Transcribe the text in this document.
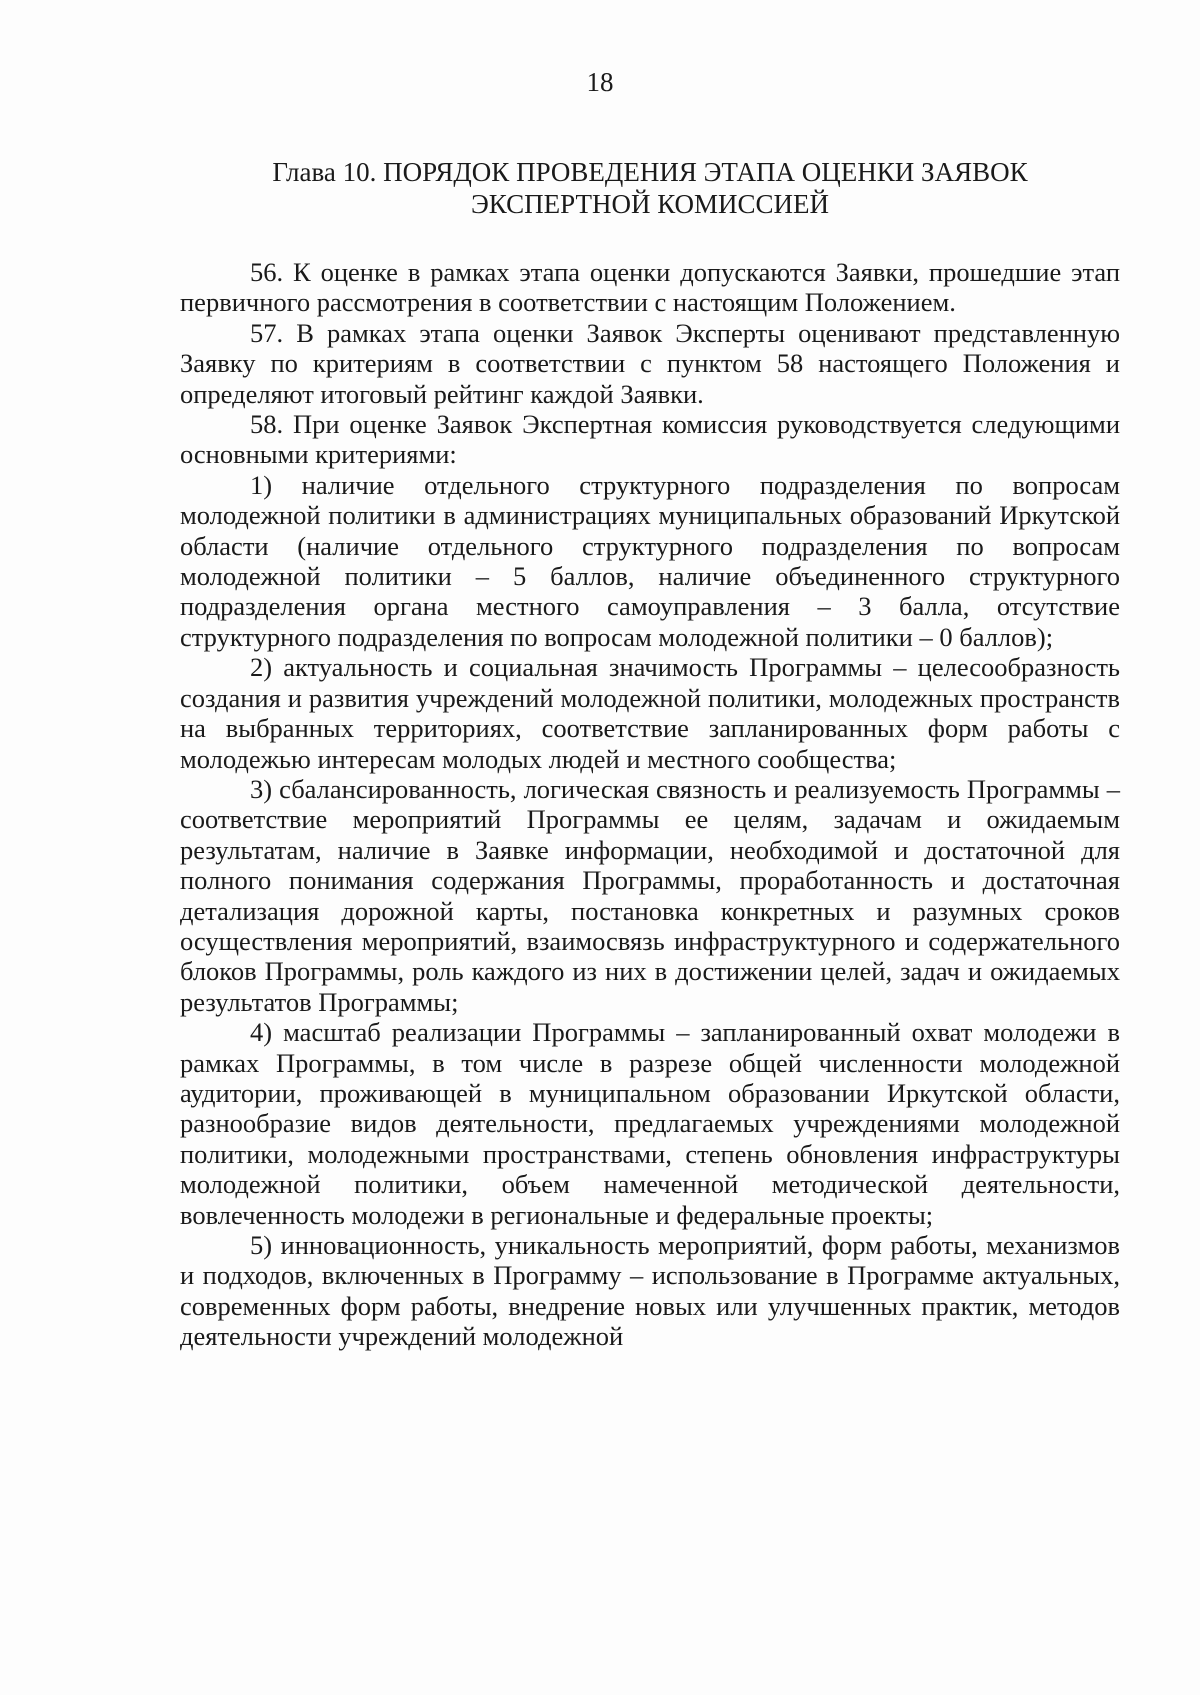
18
Глава 10. ПОРЯДОК ПРОВЕДЕНИЯ ЭТАПА ОЦЕНКИ ЗАЯВОК
ЭКСПЕРТНОЙ КОМИССИЕЙ

56. К оценке в рамках этапа оценки допускаются Заявки, прошедшие этап первичного рассмотрения в соответствии с настоящим Положением.

57. В рамках этапа оценки Заявок Эксперты оценивают представленную Заявку по критериям в соответствии с пунктом 58 настоящего Положения и определяют итоговый рейтинг каждой Заявки.

58. При оценке Заявок Экспертная комиссия руководствуется следующими основными критериями:

1) наличие отдельного структурного подразделения по вопросам молодежной политики в администрациях муниципальных образований Иркутской области (наличие отдельного структурного подразделения по вопросам молодежной политики – 5 баллов, наличие объединенного структурного подразделения органа местного самоуправления – 3 балла, отсутствие структурного подразделения по вопросам молодежной политики – 0 баллов);

2) актуальность и социальная значимость Программы – целесообразность создания и развития учреждений молодежной политики, молодежных пространств на выбранных территориях, соответствие запланированных форм работы с молодежью интересам молодых людей и местного сообщества;

3) сбалансированность, логическая связность и реализуемость Программы – соответствие мероприятий Программы ее целям, задачам и ожидаемым результатам, наличие в Заявке информации, необходимой и достаточной для полного понимания содержания Программы, проработанность и достаточная детализация дорожной карты, постановка конкретных и разумных сроков осуществления мероприятий, взаимосвязь инфраструктурного и содержательного блоков Программы, роль каждого из них в достижении целей, задач и ожидаемых результатов Программы;

4) масштаб реализации Программы – запланированный охват молодежи в рамках Программы, в том числе в разрезе общей численности молодежной аудитории, проживающей в муниципальном образовании Иркутской области, разнообразие видов деятельности, предлагаемых учреждениями молодежной политики, молодежными пространствами, степень обновления инфраструктуры молодежной политики, объем намеченной методической деятельности, вовлеченность молодежи в региональные и федеральные проекты;

5) инновационность, уникальность мероприятий, форм работы, механизмов и подходов, включенных в Программу – использование в Программе актуальных, современных форм работы, внедрение новых или улучшенных практик, методов деятельности учреждений молодежной
